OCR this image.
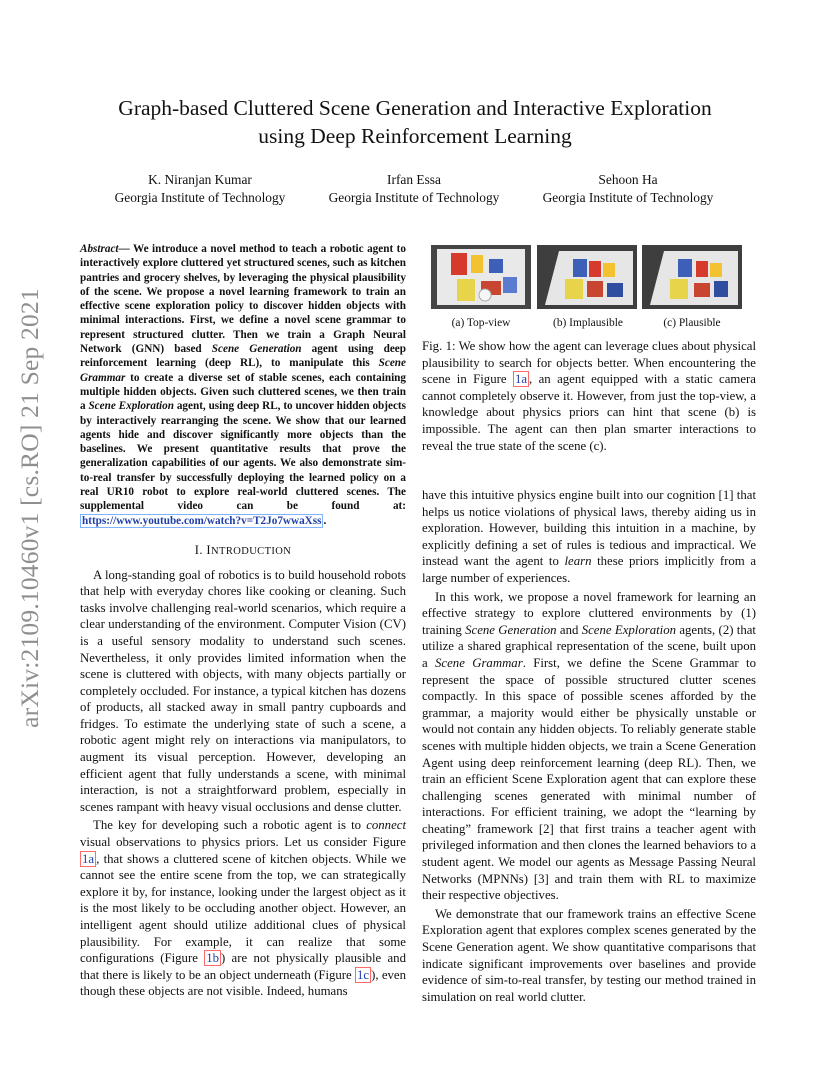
arXiv:2109.10460v1 [cs.RO] 21 Sep 2021
Graph-based Cluttered Scene Generation and Interactive Exploration
using Deep Reinforcement Learning
K. Niranjan Kumar
Georgia Institute of Technology
Irfan Essa
Georgia Institute of Technology
Sehoon Ha
Georgia Institute of Technology
Abstract— We introduce a novel method to teach a robotic agent to interactively explore cluttered yet structured scenes, such as kitchen pantries and grocery shelves, by leveraging the physical plausibility of the scene. We propose a novel learning framework to train an effective scene exploration policy to discover hidden objects with minimal interactions. First, we define a novel scene grammar to represent structured clutter. Then we train a Graph Neural Network (GNN) based Scene Generation agent using deep reinforcement learning (deep RL), to manipulate this Scene Grammar to create a diverse set of stable scenes, each containing multiple hidden objects. Given such cluttered scenes, we then train a Scene Exploration agent, using deep RL, to uncover hidden objects by interactively rearranging the scene. We show that our learned agents hide and discover significantly more objects than the baselines. We present quantitative results that prove the generalization capabilities of our agents. We also demonstrate sim-to-real transfer by successfully deploying the learned policy on a real UR10 robot to explore real-world cluttered scenes. The supplemental video can be found at: https://www.youtube.com/watch?v=T2Jo7wwaXss .
I. INTRODUCTION

A long-standing goal of robotics is to build household robots that help with everyday chores like cooking or cleaning. Such tasks involve challenging real-world scenarios, which require a clear understanding of the environment. Computer Vision (CV) is a useful sensory modality to understand such scenes. Nevertheless, it only provides limited information when the scene is cluttered with objects, with many objects partially or completely occluded. For instance, a typical kitchen has dozens of products, all stacked away in small pantry cupboards and fridges. To estimate the underlying state of such a scene, a robotic agent might rely on interactions via manipulators, to augment its visual perception. However, developing an efficient agent that fully understands a scene, with minimal interaction, is not a straightforward problem, especially in scenes rampant with heavy visual occlusions and dense clutter.

The key for developing such a robotic agent is to connect visual observations to physics priors. Let us consider Figure 1a , that shows a cluttered scene of kitchen objects. While we cannot see the entire scene from the top, we can strategically explore it by, for instance, looking under the largest object as it is the most likely to be occluding another object. However, an intelligent agent should utilize additional clues of physical plausibility. For example, it can realize that some configurations (Figure 1b ) are not physically plausible and that there is likely to be an object underneath (Figure 1c ), even though these objects are not visible. Indeed, humans

(a) Top-view	(b) Implausible	(c) Plausible
Fig. 1: We show how the agent can leverage clues about physical plausibility to search for objects better. When encountering the scene in Figure 1a , an agent equipped with a static camera cannot completely observe it. However, from just the top-view, a knowledge about physics priors can hint that scene (b) is impossible. The agent can then plan smarter interactions to reveal the true state of the scene (c).

have this intuitive physics engine built into our cognition [1] that helps us notice violations of physical laws, thereby aiding us in exploration. However, building this intuition in a machine, by explicitly defining a set of rules is tedious and impractical. We instead want the agent to learn these priors implicitly from a large number of experiences.

In this work, we propose a novel framework for learning an effective strategy to explore cluttered environments by (1) training Scene Generation and Scene Exploration agents, (2) that utilize a shared graphical representation of the scene, built upon a Scene Grammar. First, we define the Scene Grammar to represent the space of possible structured clutter scenes compactly. In this space of possible scenes afforded by the grammar, a majority would either be physically unstable or would not contain any hidden objects. To reliably generate stable scenes with multiple hidden objects, we train a Scene Generation Agent using deep reinforcement learning (deep RL). Then, we train an efficient Scene Exploration agent that can explore these challenging scenes generated with minimal number of interactions. For efficient training, we adopt the “learning by cheating” framework [2] that first trains a teacher agent with privileged information and then clones the learned behaviors to a student agent. We model our agents as Message Passing Neural Networks (MPNNs) [3] and train them with RL to maximize their respective objectives.

We demonstrate that our framework trains an effective Scene Exploration agent that explores complex scenes generated by the Scene Generation agent. We show quantitative comparisons that indicate significant improvements over baselines and provide evidence of sim-to-real transfer, by testing our method trained in simulation on real world clutter.
